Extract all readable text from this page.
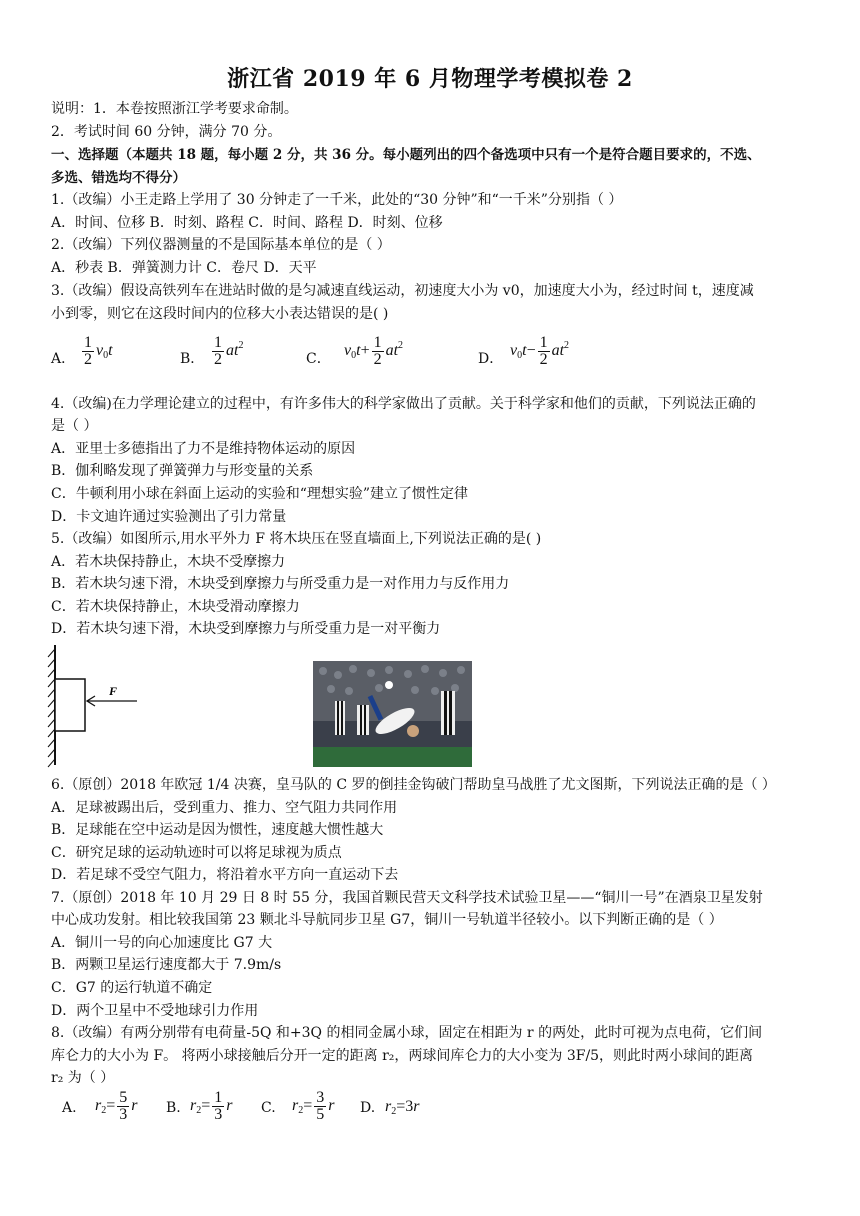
浙江省 2019 年 6 月物理学考模拟卷 2
说明：1．本卷按照浙江学考要求命制。
2．考试时间 60 分钟，满分 70 分。
一、选择题（本题共 18 题，每小题 2 分，共 36 分。每小题列出的四个备选项中只有一个是符合题目要求的，不选、
多选、错选均不得分）
1.（改编）小王走路上学用了 30 分钟走了一千米，此处的“30 分钟”和“一千米”分别指（ ）
A．时间、位移 B．时刻、路程 C．时间、路程 D．时刻、位移
2.（改编）下列仪器测量的不是国际基本单位的是（ ）
A．秒表 B．弹簧测力计 C．卷尺 D．天平
3.（改编）假设高铁列车在进站时做的是匀减速直线运动，初速度大小为 v0，加速度大小为，经过时间 t，速度减
小到零，则它在这段时间内的位移大小表达错误的是( )
A． $\frac{1}{2} v_0t$	B． $\frac{1}{2} at^2$
C． $v_0t+ \frac{1}{2} at^2$
D． $v_0t- \frac{1}{2} at^2$
4.（改编)在力学理论建立的过程中，有许多伟大的科学家做出了贡献。关于科学家和他们的贡献，下列说法正确的
是（ ）
A．亚里士多德指出了力不是维持物体运动的原因
B．伽利略发现了弹簧弹力与形变量的关系
C．牛顿利用小球在斜面上运动的实验和“理想实验”建立了惯性定律
D．卡文迪许通过实验测出了引力常量
5.（改编）如图所示,用水平外力 F 将木块压在竖直墙面上,下列说法正确的是( )
A．若木块保持静止，木块不受摩擦力
B．若木块匀速下滑，木块受到摩擦力与所受重力是一对作用力与反作用力
C．若木块保持静止，木块受滑动摩擦力
D．若木块匀速下滑，木块受到摩擦力与所受重力是一对平衡力
F
6.（原创）2018 年欧冠 1/4 决赛，皇马队的 C 罗的倒挂金钩破门帮助皇马战胜了尤文图斯，下列说法正确的是（ ）
A．足球被踢出后，受到重力、推力、空气阻力共同作用
B．足球能在空中运动是因为惯性，速度越大惯性越大
C．研究足球的运动轨迹时可以将足球视为质点
D．若足球不受空气阻力，将沿着水平方向一直运动下去
7.（原创）2018 年 10 月 29 日 8 时 55 分，我国首颗民营天文科学技术试验卫星——“铜川一号”在酒泉卫星发射
中心成功发射。相比较我国第 23 颗北斗导航同步卫星 G7，铜川一号轨道半径较小。以下判断正确的是（ ）
A．铜川一号的向心加速度比 G7 大
B．两颗卫星运行速度都大于 7.9m/s
C．G7 的运行轨道不确定
D．两个卫星中不受地球引力作用
8.（改编）有两分别带有电荷量-5Q 和+3Q 的相同金属小球，固定在相距为 r 的两处，此时可视为点电荷，它们间
库仑力的大小为 F。 将两小球接触后分开一定的距离 r₂，两球间库仑力的大小变为 3F/5，则此时两小球间的距离
r₂ 为（ ）
A. $r_2= \frac{5}{3}$ r B. $r_2= \frac{1}{3}$ r C. $r_2= \frac{3}{5}$ r D. $r_2=3r$
